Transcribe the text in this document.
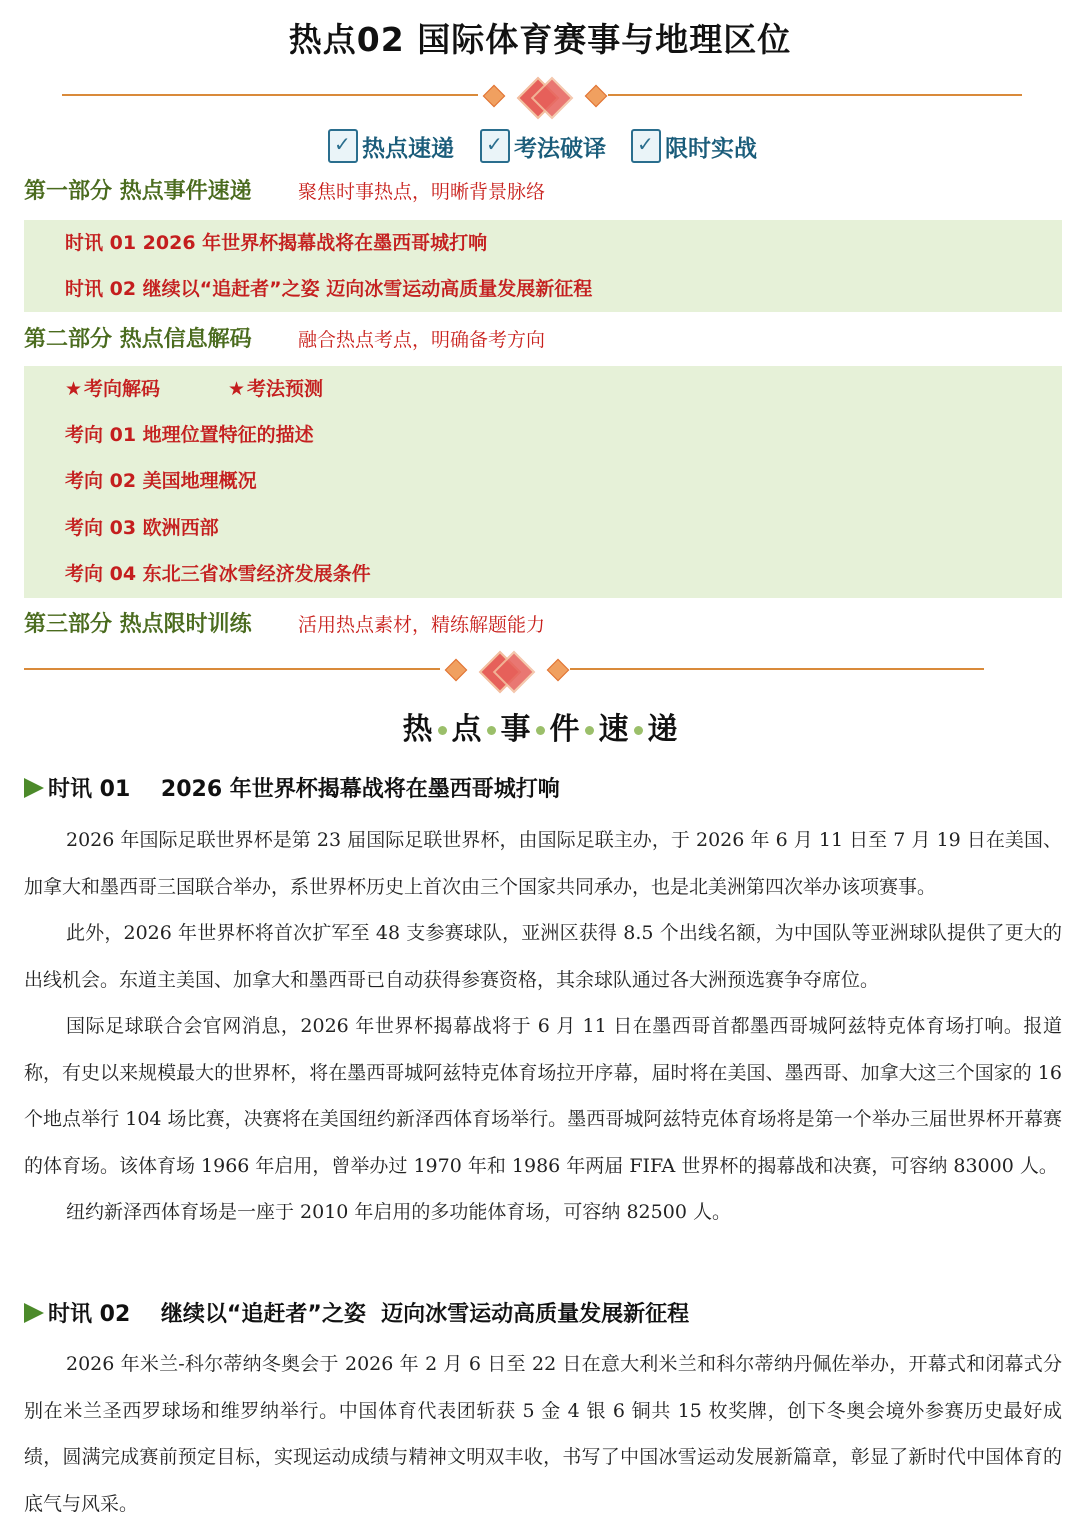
热点02 国际体育赛事与地理区位
✓
热点速递 ✓	考法破译 ✓	限时实战
第一部分 热点事件速递 聚焦时事热点，明晰背景脉络
时讯 01 2026 年世界杯揭幕战将在墨西哥城打响
时讯 02 继续以“追赶者”之姿 迈向冰雪运动高质量发展新征程
第二部分 热点信息解码 融合热点考点，明确备考方向
★ 考向解码	★ 考法预测
考向 01 地理位置特征的描述
考向 02 美国地理概况
考向 03 欧洲西部
考向 04 东北三省冰雪经济发展条件
第三部分 热点限时训练 活用热点素材，精练解题能力
热 点 事 件 速 递
时讯 01    2026 年世界杯揭幕战将在墨西哥城打响

2026 年国际足联世界杯是第 23 届国际足联世界杯，由国际足联主办，于 2026 年 6 月 11 日至 7 月 19 日在美国、加拿大和墨西哥三国联合举办，系世界杯历史上首次由三个国家共同承办，也是北美洲第四次举办该项赛事。

此外，2026 年世界杯将首次扩军至 48 支参赛球队，亚洲区获得 8.5 个出线名额，为中国队等亚洲球队提供了更大的出线机会。东道主美国、加拿大和墨西哥已自动获得参赛资格，其余球队通过各大洲预选赛争夺席位。

国际足球联合会官网消息，2026 年世界杯揭幕战将于 6 月 11 日在墨西哥首都墨西哥城阿兹特克体育场打响。报道称，有史以来规模最大的世界杯，将在墨西哥城阿兹特克体育场拉开序幕，届时将在美国、墨西哥、加拿大这三个国家的 16 个地点举行 104 场比赛，决赛将在美国纽约新泽西体育场举行。墨西哥城阿兹特克体育场将是第一个举办三届世界杯开幕赛的体育场。该体育场 1966 年启用，曾举办过 1970 年和 1986 年两届 FIFA 世界杯的揭幕战和决赛，可容纳 83000 人。

纽约新泽西体育场是一座于 2010 年启用的多功能体育场，可容纳 82500 人。

时讯 02    继续以“追赶者”之姿  迈向冰雪运动高质量发展新征程

2026 年米兰-科尔蒂纳冬奥会于 2026 年 2 月 6 日至 22 日在意大利米兰和科尔蒂纳丹佩佐举办，开幕式和闭幕式分别在米兰圣西罗球场和维罗纳举行。中国体育代表团斩获 5 金 4 银 6 铜共 15 枚奖牌，创下冬奥会境外参赛历史最好成绩，圆满完成赛前预定目标，实现运动成绩与精神文明双丰收，书写了中国冰雪运动发展新篇章，彰显了新时代中国体育的底气与风采。
